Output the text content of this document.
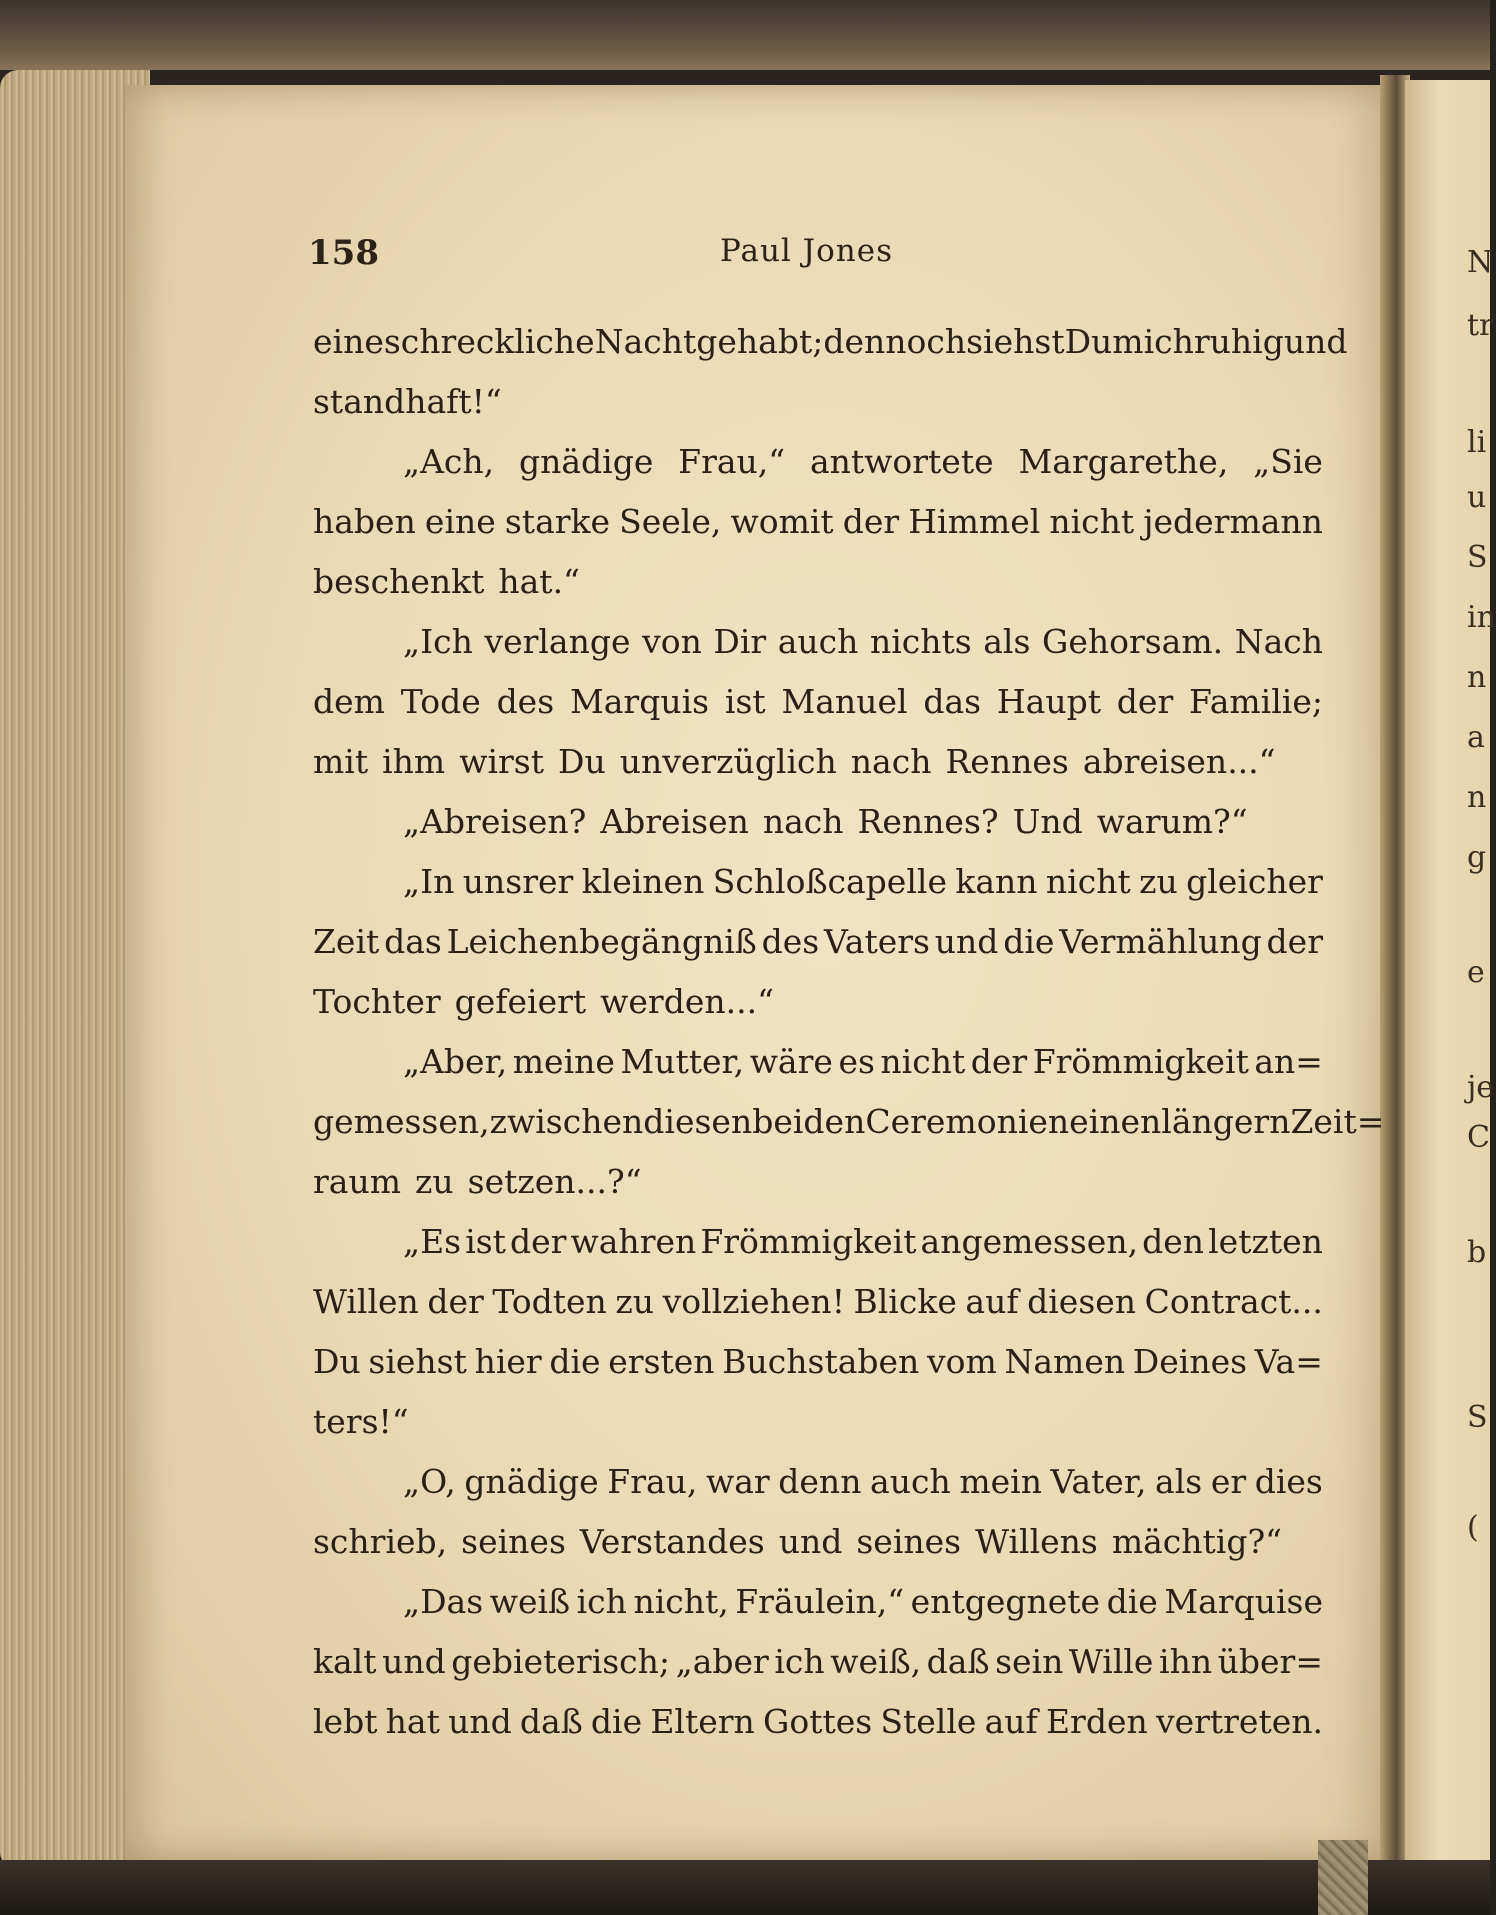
N
tr
li
u
S
in
n
a
n
g
e
je
C
b
S
(
158	Paul Jones
eine schreckliche Nacht gehabt; dennoch siehst Du mich ruhig und
standhaft!“
„Ach, gnädige Frau,“ antwortete Margarethe, „Sie
haben eine starke Seele, womit der Himmel nicht jedermann
beschenkt hat.“
„Ich verlange von Dir auch nichts als Gehorsam. Nach
dem Tode des Marquis ist Manuel das Haupt der Familie;
mit ihm wirst Du unverzüglich nach Rennes abreisen...“
„Abreisen? Abreisen nach Rennes? Und warum?“
„In unsrer kleinen Schloßcapelle kann nicht zu gleicher
Zeit das Leichenbegängniß des Vaters und die Vermählung der
Tochter gefeiert werden...“
„Aber, meine Mutter, wäre es nicht der Frömmigkeit an=
gemessen, zwischen diesen beiden Ceremonien einen längern Zeit=
raum zu setzen...?“
„Es ist der wahren Frömmigkeit angemessen, den letzten
Willen der Todten zu vollziehen! Blicke auf diesen Contract...
Du siehst hier die ersten Buchstaben vom Namen Deines Va=
ters!“
„O, gnädige Frau, war denn auch mein Vater, als er dies
schrieb, seines Verstandes und seines Willens mächtig?“
„Das weiß ich nicht, Fräulein,“ entgegnete die Marquise
kalt und gebieterisch; „aber ich weiß, daß sein Wille ihn über=
lebt hat und daß die Eltern Gottes Stelle auf Erden vertreten.
